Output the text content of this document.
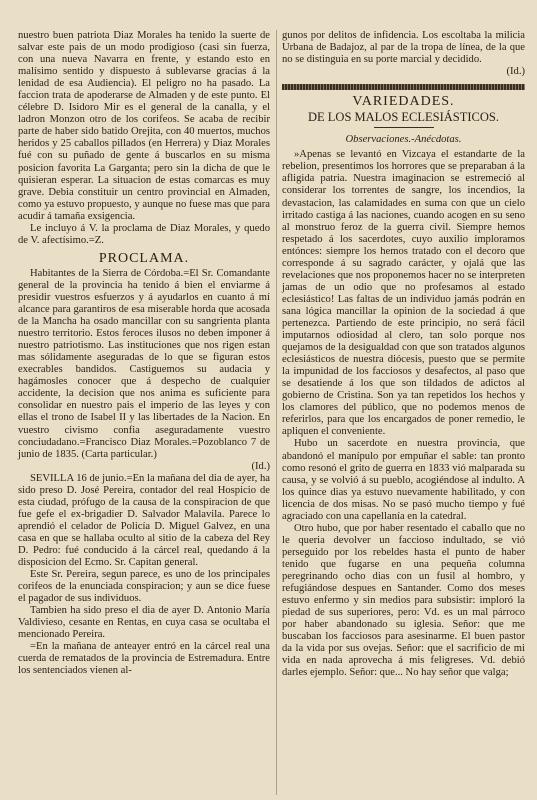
nuestro buen patriota Diaz Morales ha tenido la suerte de salvar este pais de un modo prodigioso (casi sin fuerza, con una nueva Navarra en frente, y estando esto en malísimo sentido y dispuesto á sublevarse gracias á la lenidad de esa Audiencia). El peligro no ha pasado. La faccion trata de apoderarse de Almaden y de este punto. El célebre D. Isidoro Mir es el general de la canalla, y el ladron Monzon otro de los corifeos. Se acaba de recibir parte de haber sido batido Orejita, con 40 muertos, muchos heridos y 25 caballos pillados (en Herrera) y Diaz Morales fué con su puñado de gente á buscarlos en su misma posicion favorita La Garganta; pero sin la dicha de que le quisieran esperar. La situacion de estas comarcas es muy grave. Debia constituir un centro provincial en Almaden, como ya estuvo propuesto, y aunque no fuese mas que para acudir á tamaña exsigencia.

Le incluyo á V. la proclama de Diaz Morales, y quedo de V. afectísimo.=Z.

PROCLAMA.

Habitantes de la Sierra de Córdoba.=El Sr. Comandante general de la provincia ha tenido á bien el enviarme á presidir vuestros esfuerzos y á ayudarlos en cuanto á mí alcance para garantiros de esa miserable horda que acosada de la Mancha ha osado mancillar con su sangrienta planta nuestro territorio. Estos feroces ilusos no deben imponer á nuestro patriotismo. Las instituciones que nos rigen estan mas sólidamente aseguradas de lo que se figuran estos execrables bandidos. Castiguemos su audacia y hagámosles conocer que á despecho de cualquier accidente, la decision que nos anima es suficiente para consolidar en nuestro pais el imperio de las leyes y con ellas el trono de Isabel II y las libertades de la Nacion. En vuestro civismo confia aseguradamente vuestro conciudadano.=Francisco Diaz Morales.=Pozoblanco 7 de junio de 1835. (Carta particular.)

(Id.)

SEVILLA 16 de junio.=En la mañana del dia de ayer, ha sido preso D. José Pereira, contador del real Hospicio de esta ciudad, prófugo de la causa de la conspiracion de que fue gefe el ex-brigadier D. Salvador Malavila. Parece lo aprendió el celador de Policía D. Miguel Galvez, en una casa en que se hallaba oculto al sitio de la cabeza del Rey D. Pedro: fué conducido á la cárcel real, quedando á la disposicion del Ecmo. Sr. Capitan general.

Este Sr. Pereira, segun parece, es uno de los principales corifeos de la enunciada conspiracion; y aun se dice fuese el pagador de sus individuos.

Tambien ha sido preso el dia de ayer D. Antonio María Valdivieso, cesante en Rentas, en cuya casa se ocultaba el mencionado Pereira.

=En la mañana de anteayer entró en la cárcel real una cuerda de rematados de la provincia de Estremadura. Entre los sentenciados vienen al-

gunos por delitos de infidencia. Los escoltaba la milicia Urbana de Badajoz, al par de la tropa de línea, de la que no se distinguia en su porte marcial y decidido.

(Id.)

VARIEDADES.
DE LOS MALOS ECLESIÁSTICOS.
Observaciones.-Anécdotas.

»Apenas se levantó en Vizcaya el estandarte de la rebelion, presentimos los horrores que se preparaban á la afligida patria. Nuestra imaginacion se estremeció al considerar los torrentes de sangre, los incendios, la devastacion, las calamidades en suma con que un cielo irritado castiga á las naciones, cuando acogen en su seno al monstruo feroz de la guerra civil. Siempre hemos respetado á los sacerdotes, cuyo auxilio imploramos entónces: siempre los hemos tratado con el decoro que corresponde á su sagrado carácter, y ojalá que las revelaciones que nos proponemos hacer no se interpreten jamas de un odio que no profesamos al estado eclesiástico! Las faltas de un individuo jamás podrán en sana lógica mancillar la opinion de la sociedad á que pertenezca. Partiendo de este principio, no será fácil imputarnos odiosidad al clero, tan solo porque nos quejamos de la desigualdad con que son tratados algunos eclesiásticos de nuestra diócesis, puesto que se permite la impunidad de los facciosos y desafectos, al paso que se desatiende á los que son tildados de adictos al gobierno de Cristina. Son ya tan repetidos los hechos y los clamores del público, que no podemos menos de referirlos, para que los encargados de poner remedio, le apliquen el conveniente.

Hubo un sacerdote en nuestra provincia, que abandonó el manípulo por empuñar el sable: tan pronto como resonó el grito de guerra en 1833 vió malparada su causa, y se volvió á su pueblo, acogiéndose al indulto. A los quince dias ya estuvo nuevamente habilitado, y con licencia de dos misas. No se pasó mucho tiempo y fué agraciado con una capellanía en la catedral.

Otro hubo, que por haber resentado el caballo que no le queria devolver un faccioso indultado, se vió perseguido por los rebeldes hasta el punto de haber tenido que fugarse en una pequeña columna peregrinando ocho dias con un fusil al hombro, y refugiándose despues en Santander. Como dos meses estuvo enfermo y sin medios para subsistir: imploró la piedad de sus superiores, pero: Vd. es un mal párroco por haber abandonado su iglesia. Señor: que me buscaban los facciosos para asesinarme. El buen pastor da la vida por sus ovejas. Señor: que el sacrificio de mi vida en nada aprovecha á mis feligreses. Vd. debió darles ejemplo. Señor: que... No hay señor que valga;
